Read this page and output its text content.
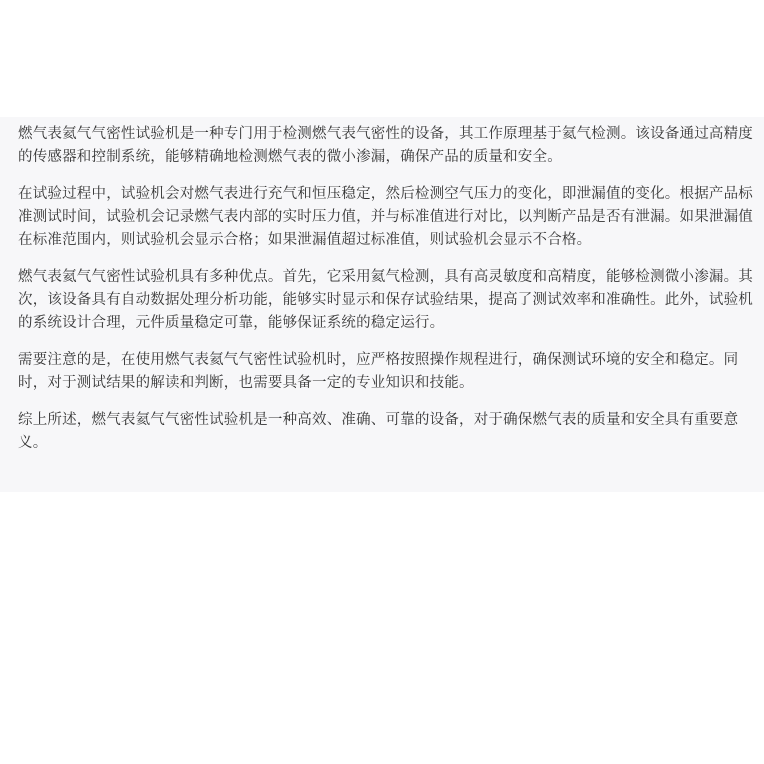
燃气表氦气气密性试验机是一种专门用于检测燃气表气密性的设备，其工作原理基于氦气检测。该设备通过高精度的传感器和控制系统，能够精确地检测燃气表的微小渗漏，确保产品的质量和安全。

在试验过程中，试验机会对燃气表进行充气和恒压稳定，然后检测空气压力的变化，即泄漏值的变化。根据产品标准测试时间，试验机会记录燃气表内部的实时压力值，并与标准值进行对比，以判断产品是否有泄漏。如果泄漏值在标准范围内，则试验机会显示合格；如果泄漏值超过标准值，则试验机会显示不合格。

燃气表氦气气密性试验机具有多种优点。首先，它采用氦气检测，具有高灵敏度和高精度，能够检测微小渗漏。其次，该设备具有自动数据处理分析功能，能够实时显示和保存试验结果，提高了测试效率和准确性。此外，试验机的系统设计合理，元件质量稳定可靠，能够保证系统的稳定运行。

需要注意的是，在使用燃气表氦气气密性试验机时，应严格按照操作规程进行，确保测试环境的安全和稳定。同时，对于测试结果的解读和判断，也需要具备一定的专业知识和技能。

综上所述，燃气表氦气气密性试验机是一种高效、准确、可靠的设备，对于确保燃气表的质量和安全具有重要意义。
